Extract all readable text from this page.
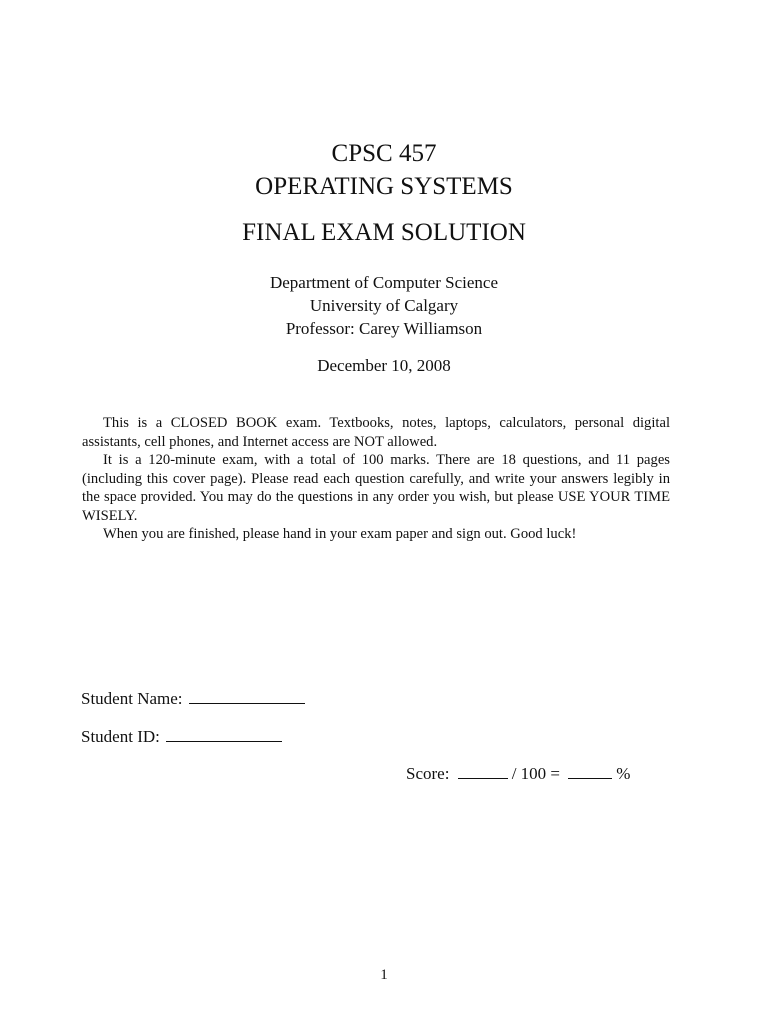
CPSC 457
OPERATING SYSTEMS
FINAL EXAM SOLUTION
Department of Computer Science
University of Calgary
Professor: Carey Williamson
December 10, 2008

This is a CLOSED BOOK exam. Textbooks, notes, laptops, calculators, personal digital assistants, cell phones, and Internet access are NOT allowed.

It is a 120-minute exam, with a total of 100 marks. There are 18 questions, and 11 pages (including this cover page). Please read each question carefully, and write your answers legibly in the space provided. You may do the questions in any order you wish, but please USE YOUR TIME WISELY.

When you are finished, please hand in your exam paper and sign out. Good luck!

Student Name:
Student ID:
Score:	/ 100 =	%
1
